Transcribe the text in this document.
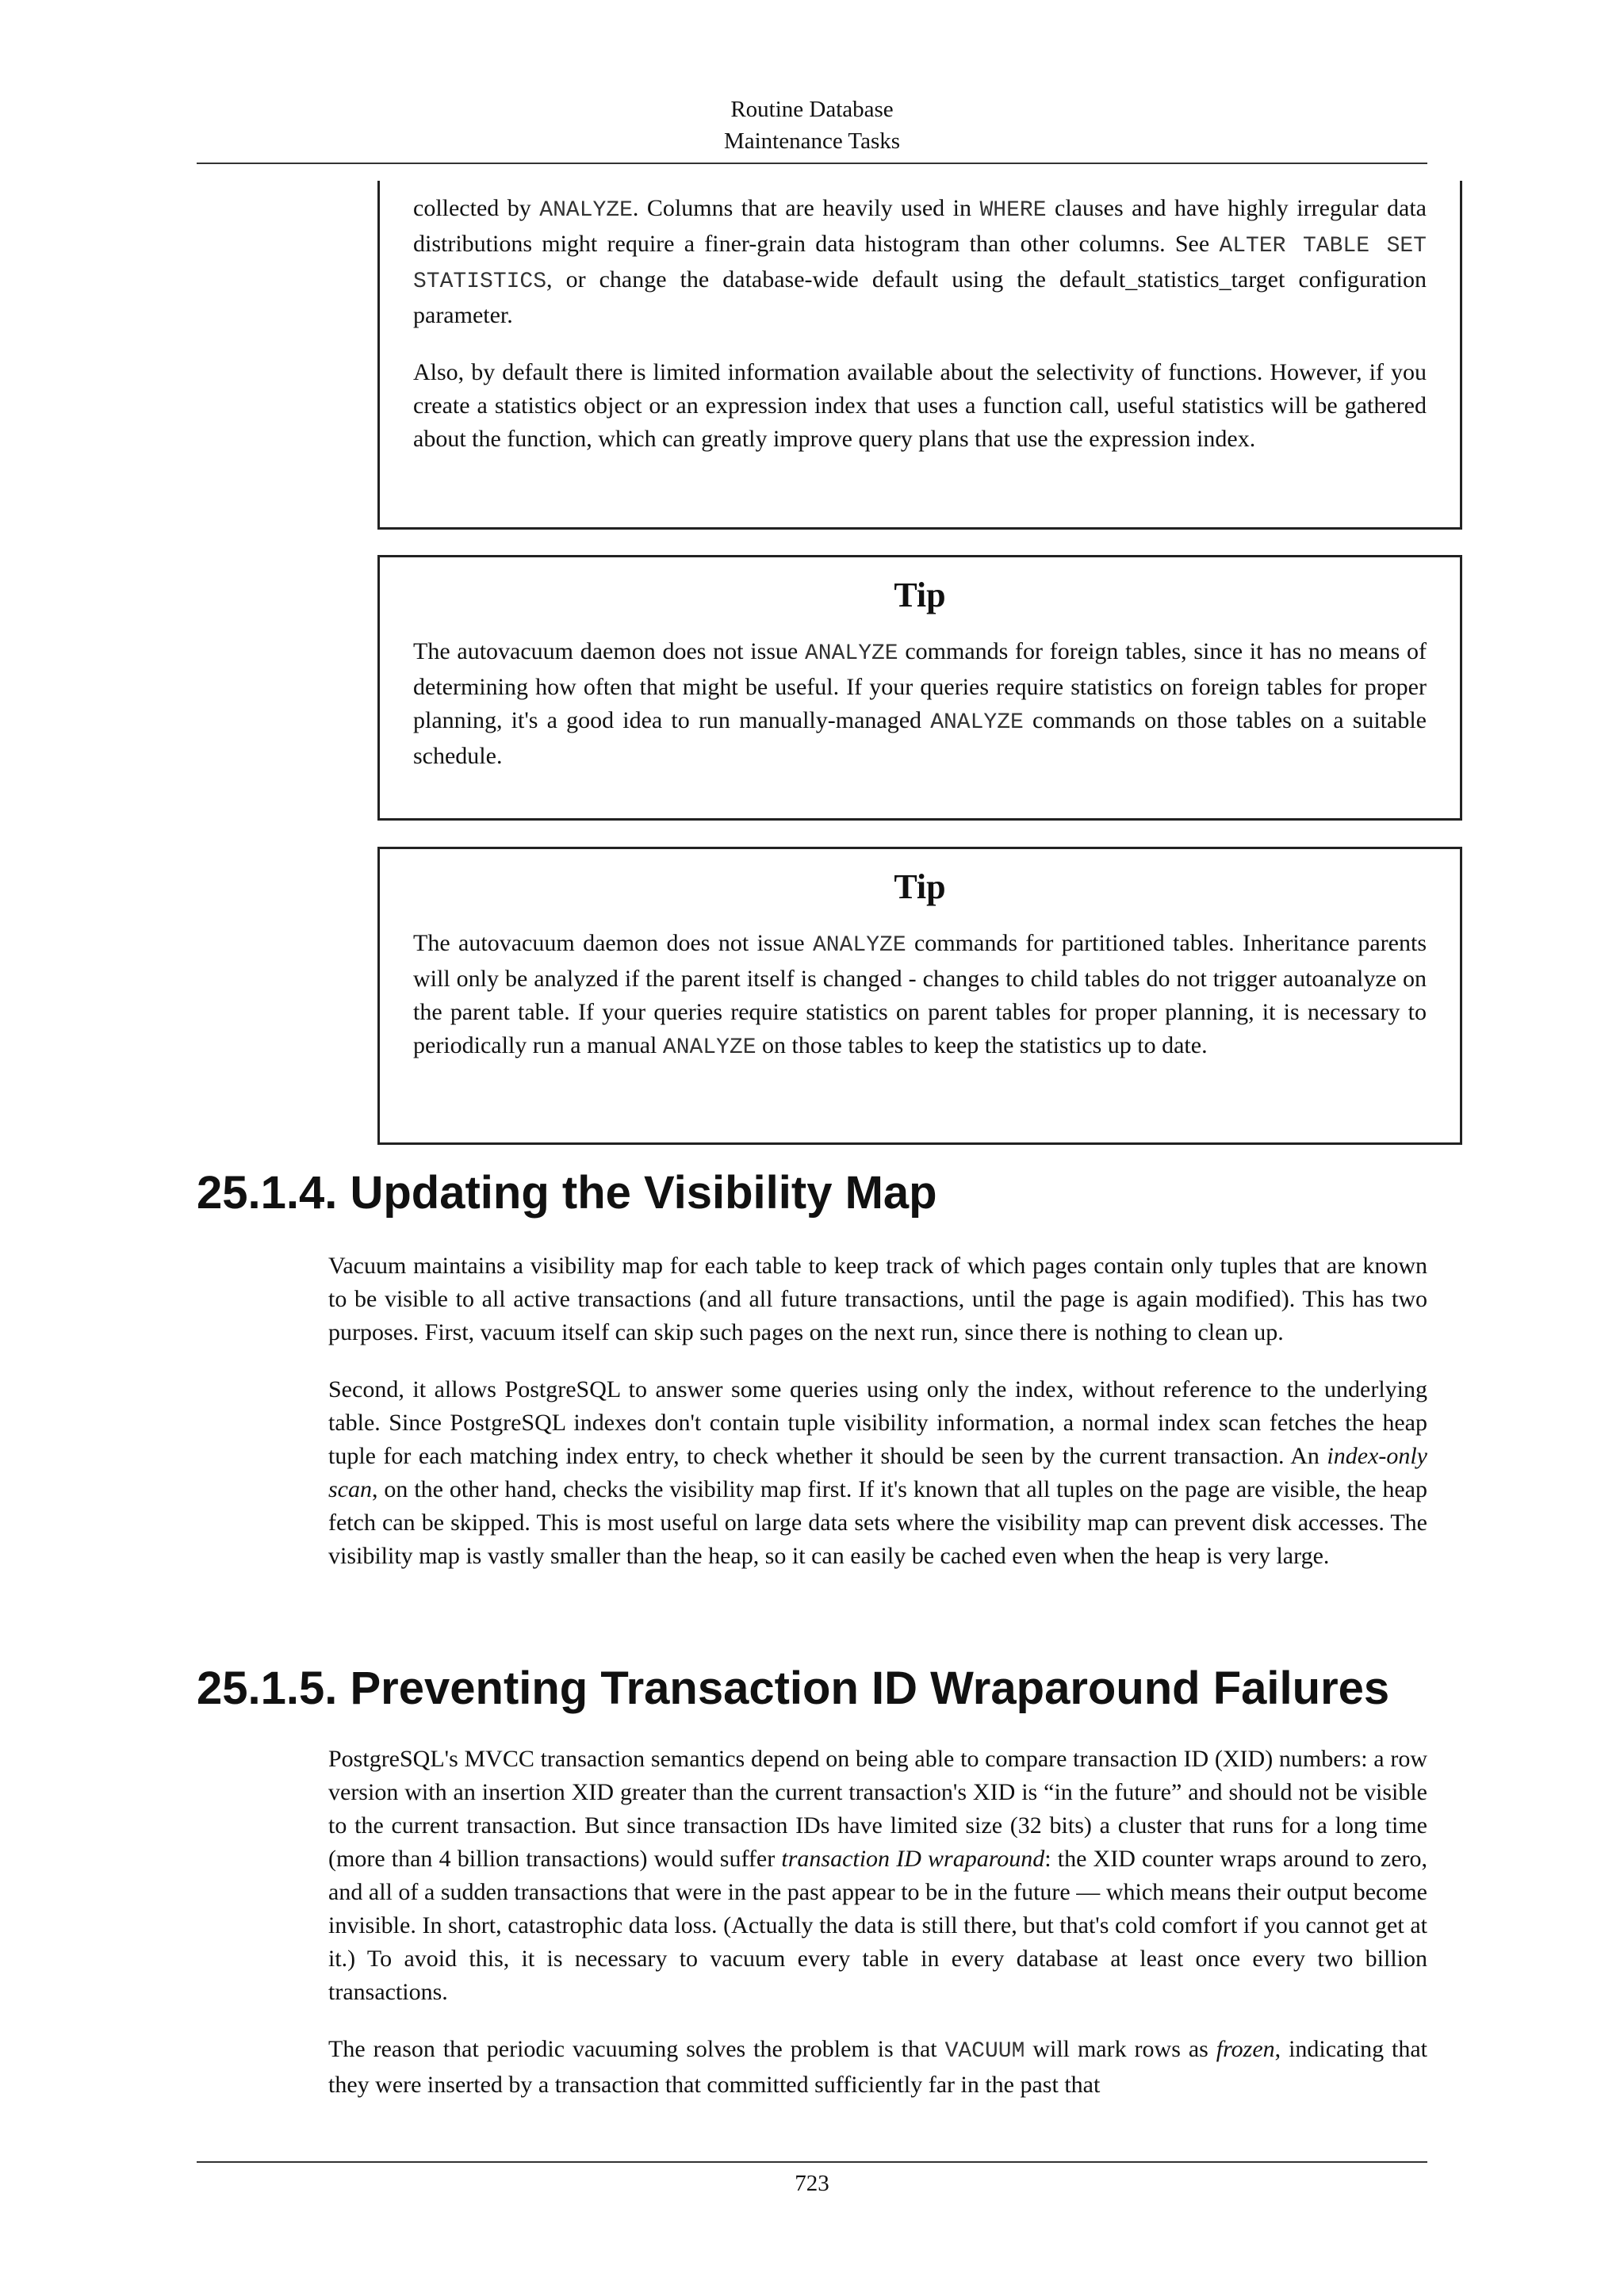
Routine Database
Maintenance Tasks

collected by ANALYZE. Columns that are heavily used in WHERE clauses and have highly irregular data distributions might require a finer-grain data histogram than other columns. See ALTER TABLE SET STATISTICS, or change the database-wide default using the default_statistics_target configuration parameter.

Also, by default there is limited information available about the selectivity of functions. However, if you create a statistics object or an expression index that uses a function call, useful statistics will be gathered about the function, which can greatly improve query plans that use the expression index.

Tip

The autovacuum daemon does not issue ANALYZE commands for foreign tables, since it has no means of determining how often that might be useful. If your queries require statistics on foreign tables for proper planning, it's a good idea to run manually-managed ANALYZE commands on those tables on a suitable schedule.

Tip

The autovacuum daemon does not issue ANALYZE commands for partitioned tables. Inheritance parents will only be analyzed if the parent itself is changed - changes to child tables do not trigger autoanalyze on the parent table. If your queries require statistics on parent tables for proper planning, it is necessary to periodically run a manual ANALYZE on those tables to keep the statistics up to date.

25.1.4. Updating the Visibility Map

Vacuum maintains a visibility map for each table to keep track of which pages contain only tuples that are known to be visible to all active transactions (and all future transactions, until the page is again modified). This has two purposes. First, vacuum itself can skip such pages on the next run, since there is nothing to clean up.

Second, it allows PostgreSQL to answer some queries using only the index, without reference to the underlying table. Since PostgreSQL indexes don't contain tuple visibility information, a normal index scan fetches the heap tuple for each matching index entry, to check whether it should be seen by the current transaction. An index-only scan, on the other hand, checks the visibility map first. If it's known that all tuples on the page are visible, the heap fetch can be skipped. This is most useful on large data sets where the visibility map can prevent disk accesses. The visibility map is vastly smaller than the heap, so it can easily be cached even when the heap is very large.

25.1.5. Preventing Transaction ID Wraparound Failures

PostgreSQL's MVCC transaction semantics depend on being able to compare transaction ID (XID) numbers: a row version with an insertion XID greater than the current transaction's XID is “in the future” and should not be visible to the current transaction. But since transaction IDs have limited size (32 bits) a cluster that runs for a long time (more than 4 billion transactions) would suffer transaction ID wraparound: the XID counter wraps around to zero, and all of a sudden transactions that were in the past appear to be in the future — which means their output become invisible. In short, catastrophic data loss. (Actually the data is still there, but that's cold comfort if you cannot get at it.) To avoid this, it is necessary to vacuum every table in every database at least once every two billion transactions.

The reason that periodic vacuuming solves the problem is that VACUUM will mark rows as frozen, indicating that they were inserted by a transaction that committed sufficiently far in the past that

723
